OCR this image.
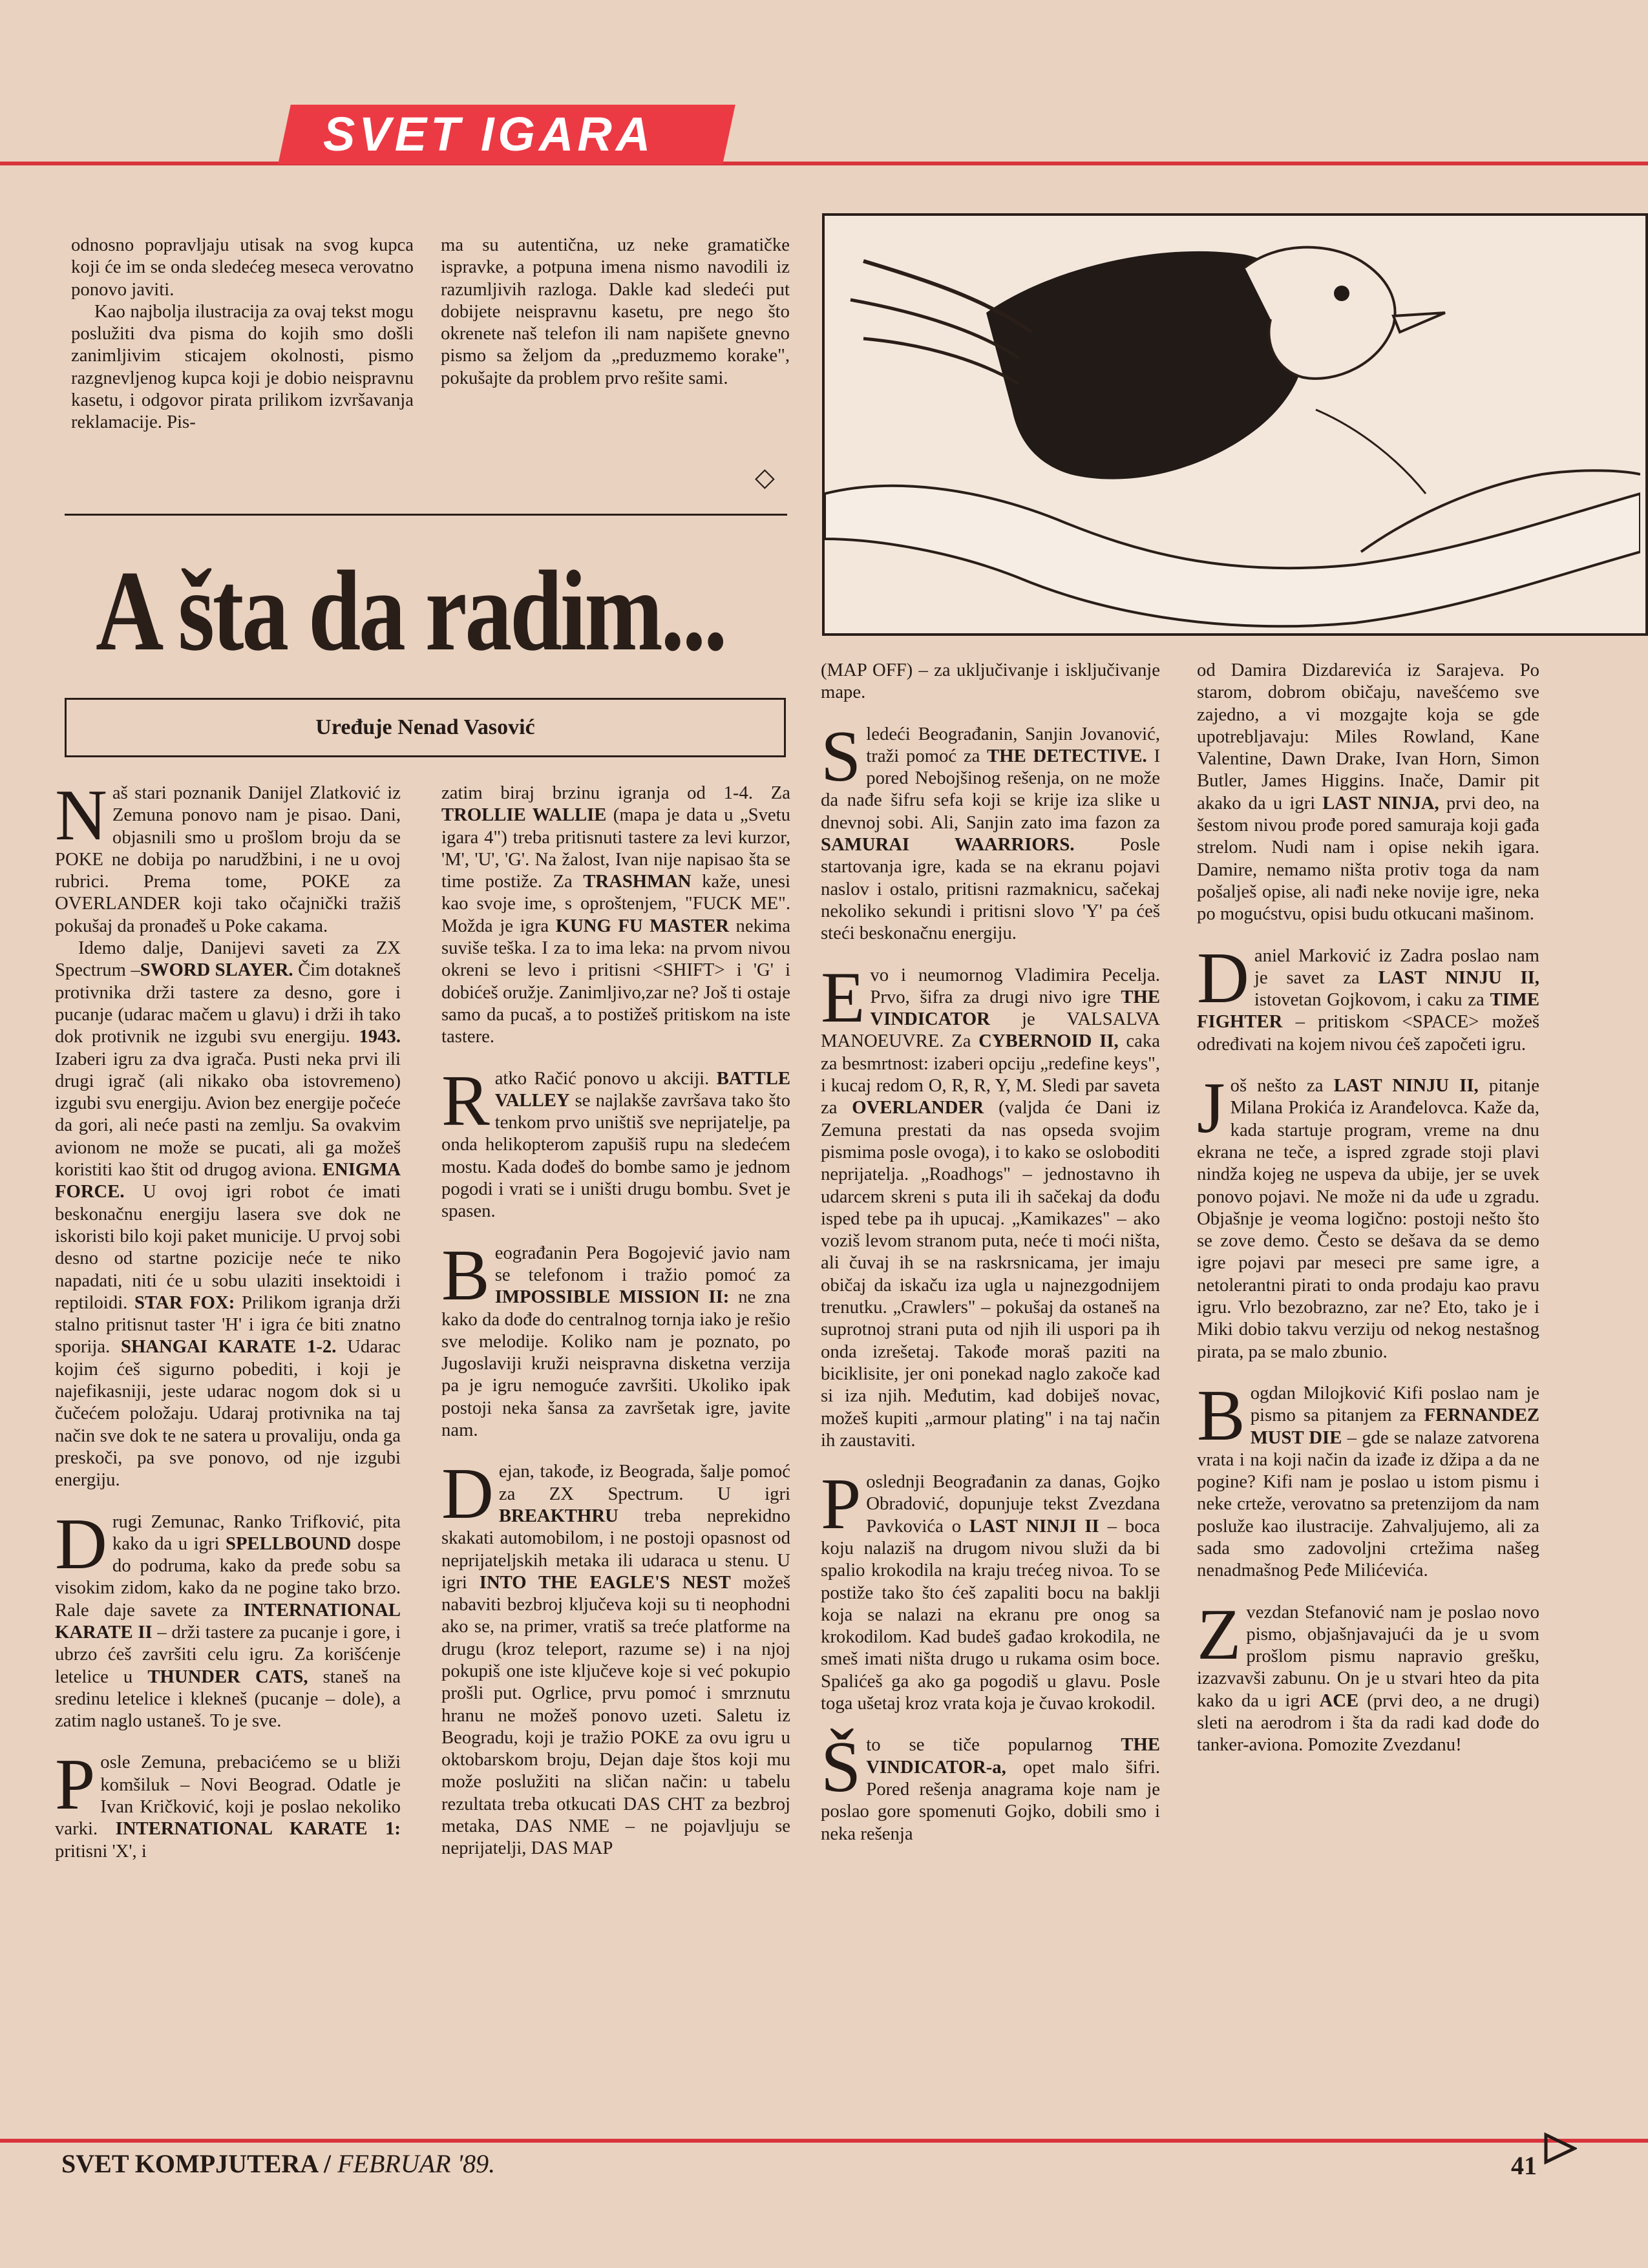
SVET IGARA

odnosno popravljaju utisak na svog kupca koji će im se onda sledećeg meseca verovatno ponovo javiti.

Kao najbolja ilustracija za ovaj tekst mogu poslužiti dva pisma do kojih smo došli zanimljivim sticajem okolnosti, pismo razgnevljenog kupca koji je dobio neispravnu kasetu, i odgovor pirata prilikom izvršavanja reklamacije. Pis-

ma su autentična, uz neke gramatičke ispravke, a potpuna imena nismo navodili iz razumljivih razloga. Dakle kad sledeći put dobijete neispravnu kasetu, pre nego što okrenete naš telefon ili nam napišete gnevno pismo sa željom da „preduzmemo korake", pokušajte da problem prvo rešite sami.

◇
A šta da radim...
Uređuje Nenad Vasović

Naš stari poznanik Danijel Zlatković iz Zemuna ponovo nam je pisao. Dani, objasnili smo u prošlom broju da se POKE ne dobija po narudžbini, i ne u ovoj rubrici. Prema tome, POKE za OVERLANDER koji tako očajnički tražiš pokušaj da pronađeš u Poke cakama.

Idemo dalje, Danijevi saveti za ZX Spectrum –SWORD SLAYER. Čim dotakneš protivnika drži tastere za desno, gore i pucanje (udarac mačem u glavu) i drži ih tako dok protivnik ne izgubi svu energiju. 1943. Izaberi igru za dva igrača. Pusti neka prvi ili drugi igrač (ali nikako oba istovremeno) izgubi svu energiju. Avion bez energije počeće da gori, ali neće pasti na zemlju. Sa ovakvim avionom ne može se pucati, ali ga možeš koristiti kao štit od drugog aviona. ENIGMA FORCE. U ovoj igri robot će imati beskonačnu energiju lasera sve dok ne iskoristi bilo koji paket municije. U prvoj sobi desno od startne pozicije neće te niko napadati, niti će u sobu ulaziti insektoidi i reptiloidi. STAR FOX: Prilikom igranja drži stalno pritisnut taster 'H' i igra će biti znatno sporija. SHANGAI KARATE 1-2. Udarac kojim ćeš sigurno pobediti, i koji je najefikasniji, jeste udarac nogom dok si u čučećem položaju. Udaraj protivnika na taj način sve dok te ne satera u provaliju, onda ga preskoči, pa sve ponovo, od nje izgubi energiju.

Drugi Zemunac, Ranko Trifković, pita kako da u igri SPELLBOUND dospe do podruma, kako da pređe sobu sa visokim zidom, kako da ne pogine tako brzo. Rale daje savete za INTERNATIONAL KARATE II – drži tastere za pucanje i gore, i ubrzo ćeš završiti celu igru. Za korišćenje letelice u THUNDER CATS, staneš na sredinu letelice i klekneš (pucanje – dole), a zatim naglo ustaneš. To je sve.

Posle Zemuna, prebacićemo se u bliži komšiluk – Novi Beograd. Odatle je Ivan Kričković, koji je poslao nekoliko varki. INTERNATIONAL KARATE 1: pritisni 'X', i

zatim biraj brzinu igranja od 1-4. Za TROLLIE WALLIE (mapa je data u „Svetu igara 4") treba pritisnuti tastere za levi kurzor, 'M', 'U', 'G'. Na žalost, Ivan nije napisao šta se time postiže. Za TRASHMAN kaže, unesi kao svoje ime, s oproštenjem, "FUCK ME". Možda je igra KUNG FU MASTER nekima suviše teška. I za to ima leka: na prvom nivou okreni se levo i pritisni <SHIFT> i 'G' i dobićeš oružje. Zanimljivo,zar ne? Još ti ostaje samo da pucaš, a to postižeš pritiskom na iste tastere.

Ratko Račić ponovo u akciji. BATTLE VALLEY se najlakše završava tako što tenkom prvo uništiš sve neprijatelje, pa onda helikopterom zapušiš rupu na sledećem mostu. Kada dođeš do bombe samo je jednom pogodi i vrati se i uništi drugu bombu. Svet je spasen.

Beograđanin Pera Bogojević javio nam se telefonom i tražio pomoć za IMPOSSIBLE MISSION II: ne zna kako da dođe do centralnog tornja iako je rešio sve melodije. Koliko nam je poznato, po Jugoslaviji kruži neispravna disketna verzija pa je igru nemoguće završiti. Ukoliko ipak postoji neka šansa za završetak igre, javite nam.

Dejan, takođe, iz Beograda, šalje pomoć za ZX Spectrum. U igri BREAKTHRU treba neprekidno skakati automobilom, i ne postoji opasnost od neprijateljskih metaka ili udaraca u stenu. U igri INTO THE EAGLE'S NEST možeš nabaviti bezbroj ključeva koji su ti neophodni ako se, na primer, vratiš sa treće platforme na drugu (kroz teleport, razume se) i na njoj pokupiš one iste ključeve koje si već pokupio prošli put. Ogrlice, prvu pomoć i smrznutu hranu ne možeš ponovo uzeti. Saletu iz Beogradu, koji je tražio POKE za ovu igru u oktobarskom broju, Dejan daje štos koji mu može poslužiti na sličan način: u tabelu rezultata treba otkucati DAS CHT za bezbroj metaka, DAS NME – ne pojavljuju se neprijatelji, DAS MAP

(MAP OFF) – za uključivanje i isključivanje mape.

Sledeći Beograđanin, Sanjin Jovanović, traži pomoć za THE DETECTIVE. I pored Nebojšinog rešenja, on ne može da nađe šifru sefa koji se krije iza slike u dnevnoj sobi. Ali, Sanjin zato ima fazon za SAMURAI WAARRIORS. Posle startovanja igre, kada se na ekranu pojavi naslov i ostalo, pritisni razmaknicu, sačekaj nekoliko sekundi i pritisni slovo 'Y' pa ćeš steći beskonačnu energiju.

Evo i neumornog Vladimira Pecelja. Prvo, šifra za drugi nivo igre THE VINDICATOR je VALSALVA MANOEUVRE. Za CYBERNOID II, caka za besmrtnost: izaberi opciju „redefine keys", i kucaj redom O, R, R, Y, M. Sledi par saveta za OVERLANDER (valjda će Dani iz Zemuna prestati da nas opseda svojim pismima posle ovoga), i to kako se osloboditi neprijatelja. „Roadhogs" – jednostavno ih udarcem skreni s puta ili ih sačekaj da dođu isped tebe pa ih upucaj. „Kamikazes" – ako voziš levom stranom puta, neće ti moći ništa, ali čuvaj ih se na raskrsnicama, jer imaju običaj da iskaču iza ugla u najnezgodnijem trenutku. „Crawlers" – pokušaj da ostaneš na suprotnoj strani puta od njih ili uspori pa ih onda izrešetaj. Takođe moraš paziti na biciklisite, jer oni ponekad naglo zakoče kad si iza njih. Međutim, kad dobiješ novac, možeš kupiti „armour plating" i na taj način ih zaustaviti.

Poslednji Beograđanin za danas, Gojko Obradović, dopunjuje tekst Zvezdana Pavkovića o LAST NINJI II – boca koju nalaziš na drugom nivou služi da bi spalio krokodila na kraju trećeg nivoa. To se postiže tako što ćeš zapaliti bocu na baklji koja se nalazi na ekranu pre onog sa krokodilom. Kad budeš gađao krokodila, ne smeš imati ništa drugo u rukama osim boce. Spalićeš ga ako ga pogodiš u glavu. Posle toga ušetaj kroz vrata koja je čuvao krokodil.

Što se tiče popularnog THE VINDICATOR-a, opet malo šifri. Pored rešenja anagrama koje nam je poslao gore spomenuti Gojko, dobili smo i neka rešenja

od Damira Dizdarevića iz Sarajeva. Po starom, dobrom običaju, navešćemo sve zajedno, a vi mozgajte koja se gde upotrebljavaju: Miles Rowland, Kane Valentine, Dawn Drake, Ivan Horn, Simon Butler, James Higgins. Inače, Damir pit akako da u igri LAST NINJA, prvi deo, na šestom nivou prođe pored samuraja koji gađa strelom. Nudi nam i opise nekih igara. Damire, nemamo ništa protiv toga da nam pošalješ opise, ali nađi neke novije igre, neka po mogućstvu, opisi budu otkucani mašinom.

Daniel Marković iz Zadra poslao nam je savet za LAST NINJU II, istovetan Gojkovom, i caku za TIME FIGHTER – pritiskom <SPACE> možeš određivati na kojem nivou ćeš započeti igru.

Još nešto za LAST NINJU II, pitanje Milana Prokića iz Aranđelovca. Kaže da, kada startuje program, vreme na dnu ekrana ne teče, a ispred zgrade stoji plavi nindža kojeg ne uspeva da ubije, jer se uvek ponovo pojavi. Ne može ni da uđe u zgradu. Objašnje je veoma logično: postoji nešto što se zove demo. Često se dešava da se demo igre pojavi par meseci pre same igre, a netolerantni pirati to onda prodaju kao pravu igru. Vrlo bezobrazno, zar ne? Eto, tako je i Miki dobio takvu verziju od nekog nestašnog pirata, pa se malo zbunio.

Bogdan Milojković Kifi poslao nam je pismo sa pitanjem za FERNANDEZ MUST DIE – gde se nalaze zatvorena vrata i na koji način da izađe iz džipa a da ne pogine? Kifi nam je poslao u istom pismu i neke crteže, verovatno sa pretenzijom da nam posluže kao ilustracije. Zahvaljujemo, ali za sada smo zadovoljni crtežima našeg nenadmašnog Peđe Milićevića.

Zvezdan Stefanović nam je poslao novo pismo, objašnjavajući da je u svom prošlom pismu napravio grešku, izazvavši zabunu. On je u stvari hteo da pita kako da u igri ACE (prvi deo, a ne drugi) sleti na aerodrom i šta da radi kad dođe do tanker-aviona. Pomozite Zvezdanu!

SVET KOMPJUTERA / FEBRUAR '89.	41
